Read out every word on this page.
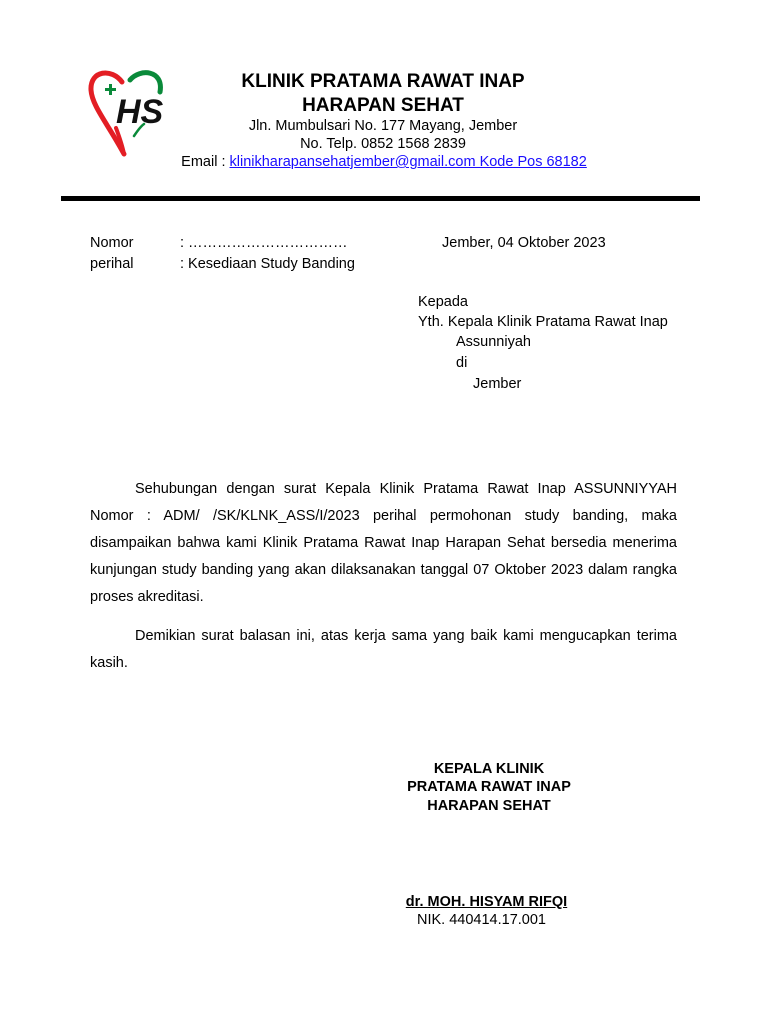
HS
KLINIK PRATAMA RAWAT INAP
HARAPAN SEHAT
Jln. Mumbulsari No. 177 Mayang, Jember
No. Telp. 0852 1568 2839
Email : klinikharapansehatjember@gmail.com Kode Pos 68182
Nomor	: ……………………………
perihal	: Kesediaan Study Banding
Jember, 04 Oktober 2023
Kepada
Yth. Kepala Klinik Pratama Rawat Inap
Assunniyah
di
Jember

Sehubungan dengan surat Kepala Klinik Pratama Rawat Inap ASSUNNIYYAH Nomor : ADM/ /SK/KLNK_ASS/I/2023 perihal permohonan study banding, maka disampaikan bahwa kami Klinik Pratama Rawat Inap Harapan Sehat bersedia menerima kunjungan study banding yang akan dilaksanakan tanggal 07 Oktober 2023 dalam rangka proses akreditasi.

Demikian surat balasan ini, atas kerja sama yang baik kami mengucapkan terima kasih.

KEPALA KLINIK
PRATAMA RAWAT INAP
HARAPAN SEHAT
dr. MOH. HISYAM RIFQI
NIK. 440414.17.001
